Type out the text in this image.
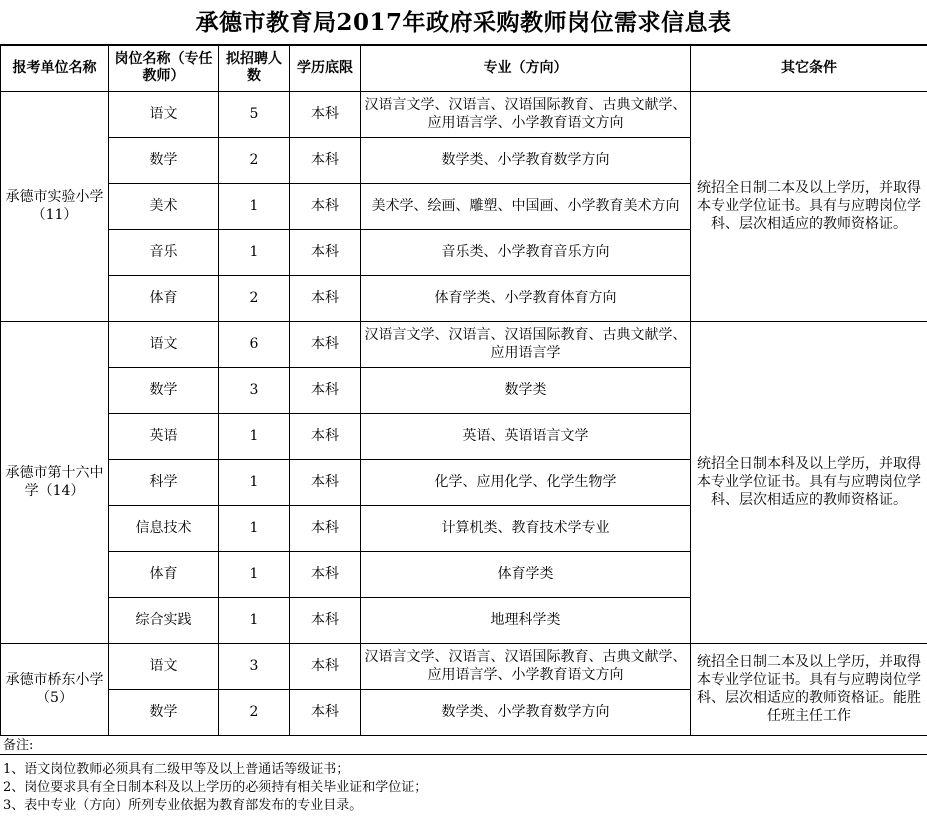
承德市教育局2017年政府采购教师岗位需求信息表
报考单位名称	岗位名称（专任教师）	拟招聘人数	学历底限	专业（方向）	其它条件
承德市实验小学（11）	语文	5	本科	汉语言文学、汉语言、汉语国际教育、古典文献学、应用语言学、小学教育语文方向	统招全日制二本及以上学历，并取得本专业学位证书。具有与应聘岗位学科、层次相适应的教师资格证。
	数学	2	本科	数学类、小学教育数学方向	
	美术	1	本科	美术学、绘画、雕塑、中国画、小学教育美术方向	
	音乐	1	本科	音乐类、小学教育音乐方向	
	体育	2	本科	体育学类、小学教育体育方向	
承德市第十六中学（14）	语文	6	本科	汉语言文学、汉语言、汉语国际教育、古典文献学、应用语言学	统招全日制本科及以上学历，并取得本专业学位证书。具有与应聘岗位学科、层次相适应的教师资格证。
	数学	3	本科	数学类	
	英语	1	本科	英语、英语语言文学	
	科学	1	本科	化学、应用化学、化学生物学	
	信息技术	1	本科	计算机类、教育技术学专业	
	体育	1	本科	体育学类	
	综合实践	1	本科	地理科学类	
承德市桥东小学（5）	语文	3	本科	汉语言文学、汉语言、汉语国际教育、古典文献学、应用语言学、小学教育语文方向	统招全日制二本及以上学历，并取得本专业学位证书。具有与应聘岗位学科、层次相适应的教师资格证。能胜任班主任工作
	数学	2	本科	数学类、小学教育数学方向	
备注:
1、语文岗位教师必须具有二级甲等及以上普通话等级证书；
2、岗位要求具有全日制本科及以上学历的必须持有相关毕业证和学位证；
3、表中专业（方向）所列专业依据为教育部发布的专业目录。
